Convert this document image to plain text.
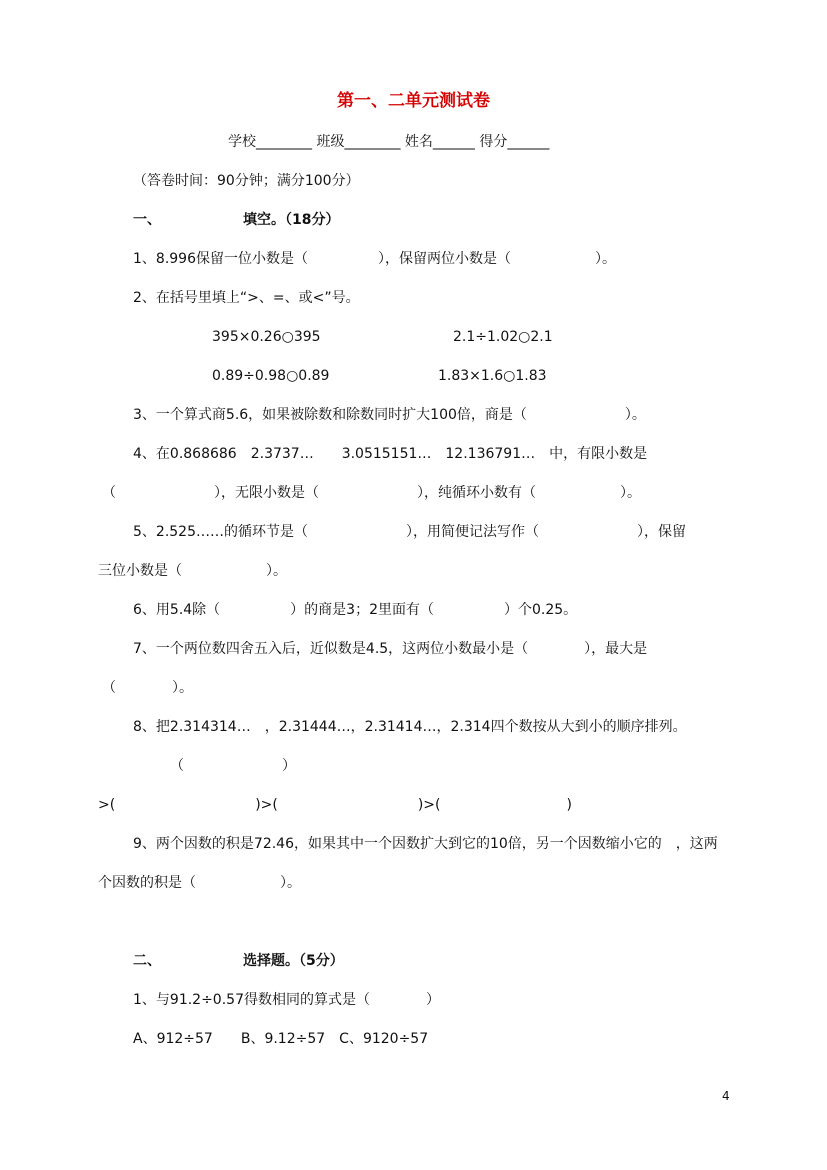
第一、二单元测试卷
学校________ 班级________ 姓名______ 得分______
（答卷时间：90分钟；满分100分）
一、	填空。（18分）
1、8.996保留一位小数是（　　　　　），保留两位小数是（　　　　　　）。
2、在括号里填上“>、=、或<”号。
395×0.26○395	2.1÷1.02○2.1
0.89÷0.98○0.89	1.83×1.6○1.83
3、一个算式商5.6，如果被除数和除数同时扩大100倍，商是（　　　　　　　）。
4、在0.868686　2.3737…　　3.0515151…　12.136791…　中，有限小数是
（　　　　　　　），无限小数是（　　　　　　　），纯循环小数有（　　　　　　）。
5、2.525……的循环节是（　　　　　　　），用简便记法写作（　　　　　　　），保留
三位小数是（　　　　　　）。
6、用5.4除（　　　　　）的商是3；2里面有（　　　　　）个0.25。
7、一个两位数四舍五入后，近似数是4.5，这两位小数最小是（　　　　），最大是
（　　　　）。
8、把2.314314…　，2.31444…，2.31414…，2.314四个数按从大到小的顺序排列。
（　　　　　　　）
>(　　　　　　　　　　)>(　　　　　　　　　　)>(　　　　　　　　　)
9、两个因数的积是72.46，如果其中一个因数扩大到它的10倍，另一个因数缩小它的　，这两
个因数的积是（　　　　　　）。
二、	选择题。（5分）
1、与91.2÷0.57得数相同的算式是（　　　　）
A、912÷57　　B、9.12÷57　C、9120÷57
4
